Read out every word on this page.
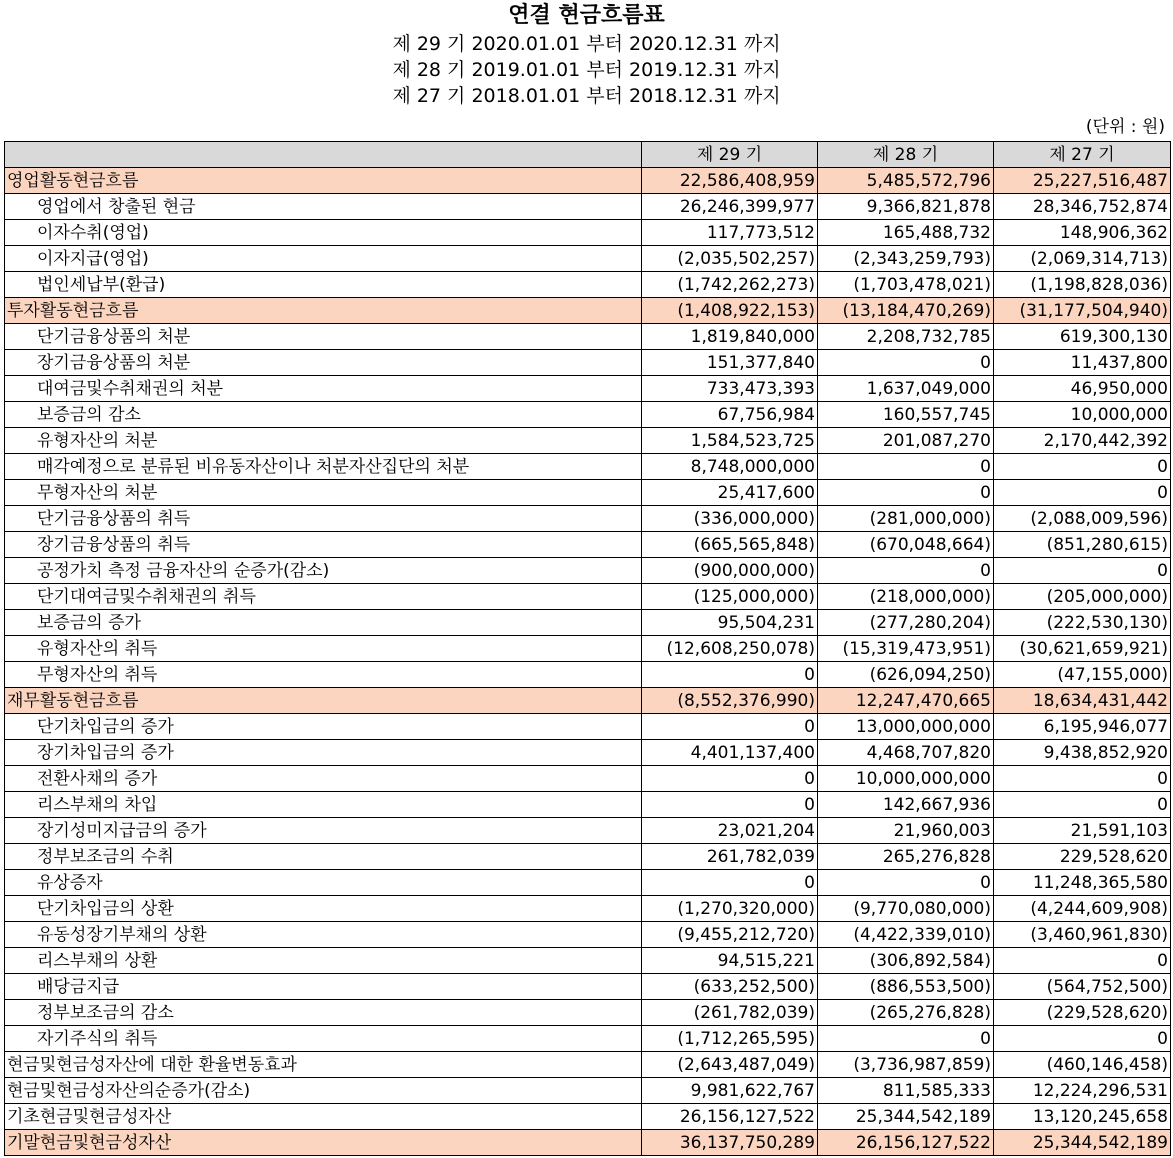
연결 현금흐름표
제 29 기 2020.01.01 부터 2020.12.31 까지
제 28 기 2019.01.01 부터 2019.12.31 까지
제 27 기 2018.01.01 부터 2018.12.31 까지
(단위 : 원)
	제 29 기	제 28 기	제 27 기
영업활동현금흐름	22,586,408,959	5,485,572,796	25,227,516,487
영업에서 창출된 현금	26,246,399,977	9,366,821,878	28,346,752,874
이자수취(영업)	117,773,512	165,488,732	148,906,362
이자지급(영업)	(2,035,502,257)	(2,343,259,793)	(2,069,314,713)
법인세납부(환급)	(1,742,262,273)	(1,703,478,021)	(1,198,828,036)
투자활동현금흐름	(1,408,922,153)	(13,184,470,269)	(31,177,504,940)
단기금융상품의 처분	1,819,840,000	2,208,732,785	619,300,130
장기금융상품의 처분	151,377,840	0	11,437,800
대여금및수취채권의 처분	733,473,393	1,637,049,000	46,950,000
보증금의 감소	67,756,984	160,557,745	10,000,000
유형자산의 처분	1,584,523,725	201,087,270	2,170,442,392
매각예정으로 분류된 비유동자산이나 처분자산집단의 처분	8,748,000,000	0	0
무형자산의 처분	25,417,600	0	0
단기금융상품의 취득	(336,000,000)	(281,000,000)	(2,088,009,596)
장기금융상품의 취득	(665,565,848)	(670,048,664)	(851,280,615)
공정가치 측정 금융자산의 순증가(감소)	(900,000,000)	0	0
단기대여금및수취채권의 취득	(125,000,000)	(218,000,000)	(205,000,000)
보증금의 증가	95,504,231	(277,280,204)	(222,530,130)
유형자산의 취득	(12,608,250,078)	(15,319,473,951)	(30,621,659,921)
무형자산의 취득	0	(626,094,250)	(47,155,000)
재무활동현금흐름	(8,552,376,990)	12,247,470,665	18,634,431,442
단기차입금의 증가	0	13,000,000,000	6,195,946,077
장기차입금의 증가	4,401,137,400	4,468,707,820	9,438,852,920
전환사채의 증가	0	10,000,000,000	0
리스부채의 차입	0	142,667,936	0
장기성미지급금의 증가	23,021,204	21,960,003	21,591,103
정부보조금의 수취	261,782,039	265,276,828	229,528,620
유상증자	0	0	11,248,365,580
단기차입금의 상환	(1,270,320,000)	(9,770,080,000)	(4,244,609,908)
유동성장기부채의 상환	(9,455,212,720)	(4,422,339,010)	(3,460,961,830)
리스부채의 상환	94,515,221	(306,892,584)	0
배당금지급	(633,252,500)	(886,553,500)	(564,752,500)
정부보조금의 감소	(261,782,039)	(265,276,828)	(229,528,620)
자기주식의 취득	(1,712,265,595)	0	0
현금및현금성자산에 대한 환율변동효과	(2,643,487,049)	(3,736,987,859)	(460,146,458)
현금및현금성자산의순증가(감소)	9,981,622,767	811,585,333	12,224,296,531
기초현금및현금성자산	26,156,127,522	25,344,542,189	13,120,245,658
기말현금및현금성자산	36,137,750,289	26,156,127,522	25,344,542,189
